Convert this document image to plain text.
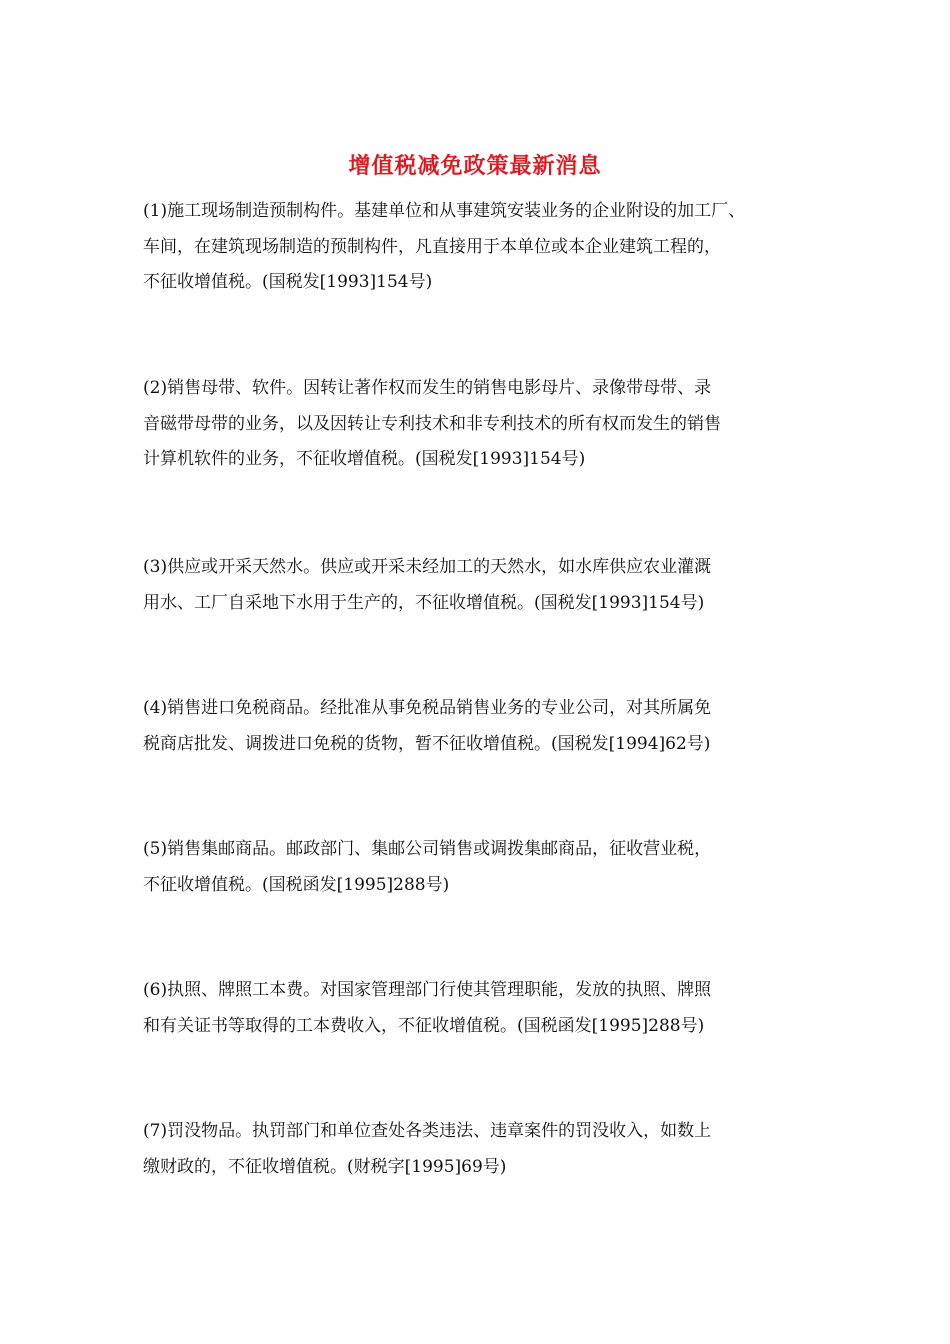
增值税减免政策最新消息
(1)施工现场制造预制构件。基建单位和从事建筑安装业务的企业附设的加工厂、
车间，在建筑现场制造的预制构件，凡直接用于本单位或本企业建筑工程的，
不征收增值税。(国税发[1993]154号)
(2)销售母带、软件。因转让著作权而发生的销售电影母片、录像带母带、录
音磁带母带的业务，以及因转让专利技术和非专利技术的所有权而发生的销售
计算机软件的业务，不征收增值税。(国税发[1993]154号)
(3)供应或开采天然水。供应或开采未经加工的天然水，如水库供应农业灌溉
用水、工厂自采地下水用于生产的，不征收增值税。(国税发[1993]154号)
(4)销售进口免税商品。经批准从事免税品销售业务的专业公司，对其所属免
税商店批发、调拨进口免税的货物，暂不征收增值税。(国税发[1994]62号)
(5)销售集邮商品。邮政部门、集邮公司销售或调拨集邮商品，征收营业税，
不征收增值税。(国税函发[1995]288号)
(6)执照、牌照工本费。对国家管理部门行使其管理职能，发放的执照、牌照
和有关证书等取得的工本费收入，不征收增值税。(国税函发[1995]288号)
(7)罚没物品。执罚部门和单位查处各类违法、违章案件的罚没收入，如数上
缴财政的，不征收增值税。(财税字[1995]69号)
